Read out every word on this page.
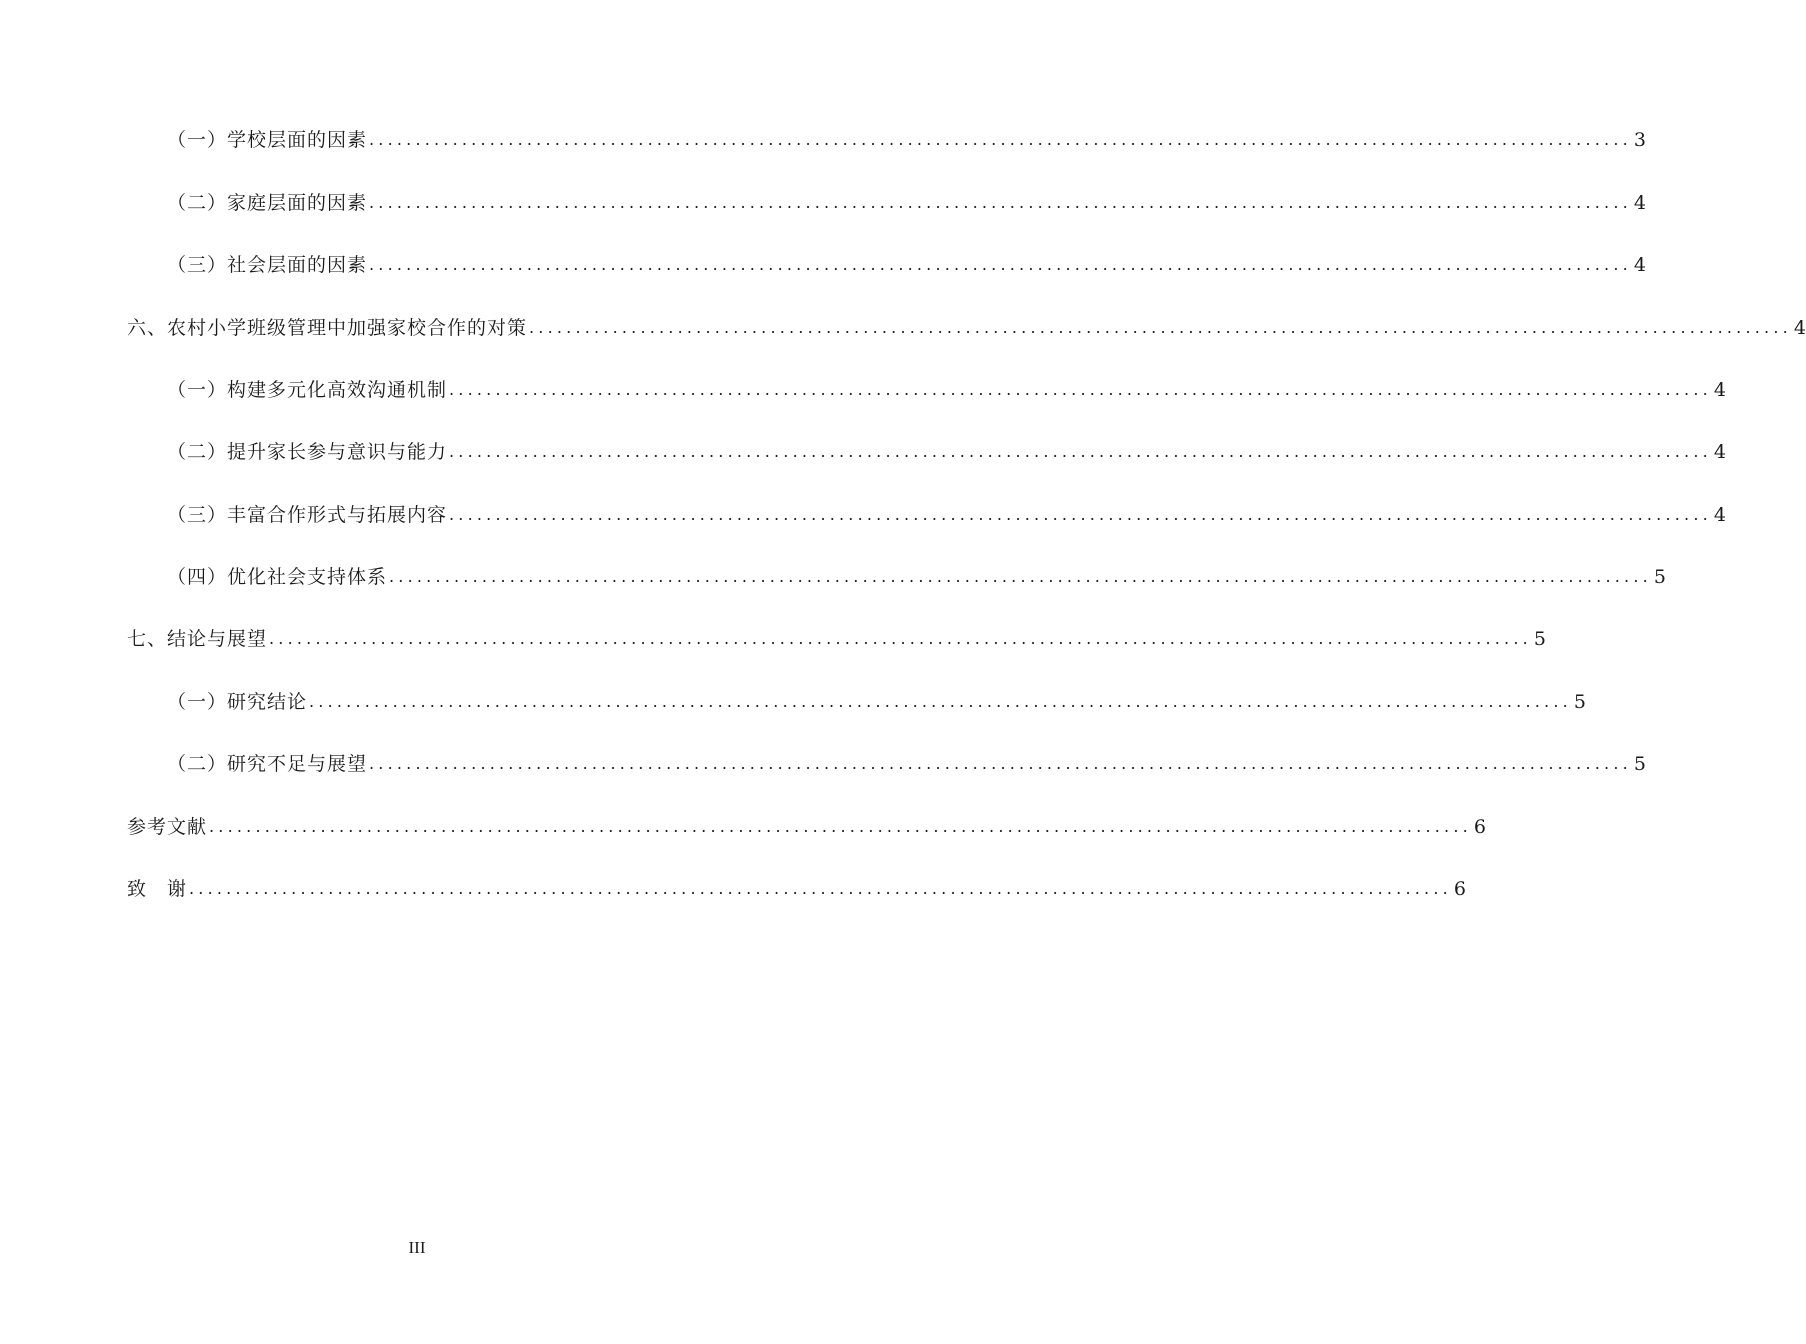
（一）学校层面的因素 ........................................................................................................................................ 3
（二）家庭层面的因素 ........................................................................................................................................ 4
（三）社会层面的因素 ........................................................................................................................................ 4
六、农村小学班级管理中加强家校合作的对策 ........................................................................................................................................ 4
（一）构建多元化高效沟通机制 ........................................................................................................................................ 4
（二）提升家长参与意识与能力 ........................................................................................................................................ 4
（三）丰富合作形式与拓展内容 ........................................................................................................................................ 4
（四）优化社会支持体系 ........................................................................................................................................ 5
七、结论与展望 ........................................................................................................................................ 5
（一）研究结论 ........................................................................................................................................ 5
（二）研究不足与展望 ........................................................................................................................................ 5
参考文献 ........................................................................................................................................ 6
致　谢 ........................................................................................................................................ 6
III
